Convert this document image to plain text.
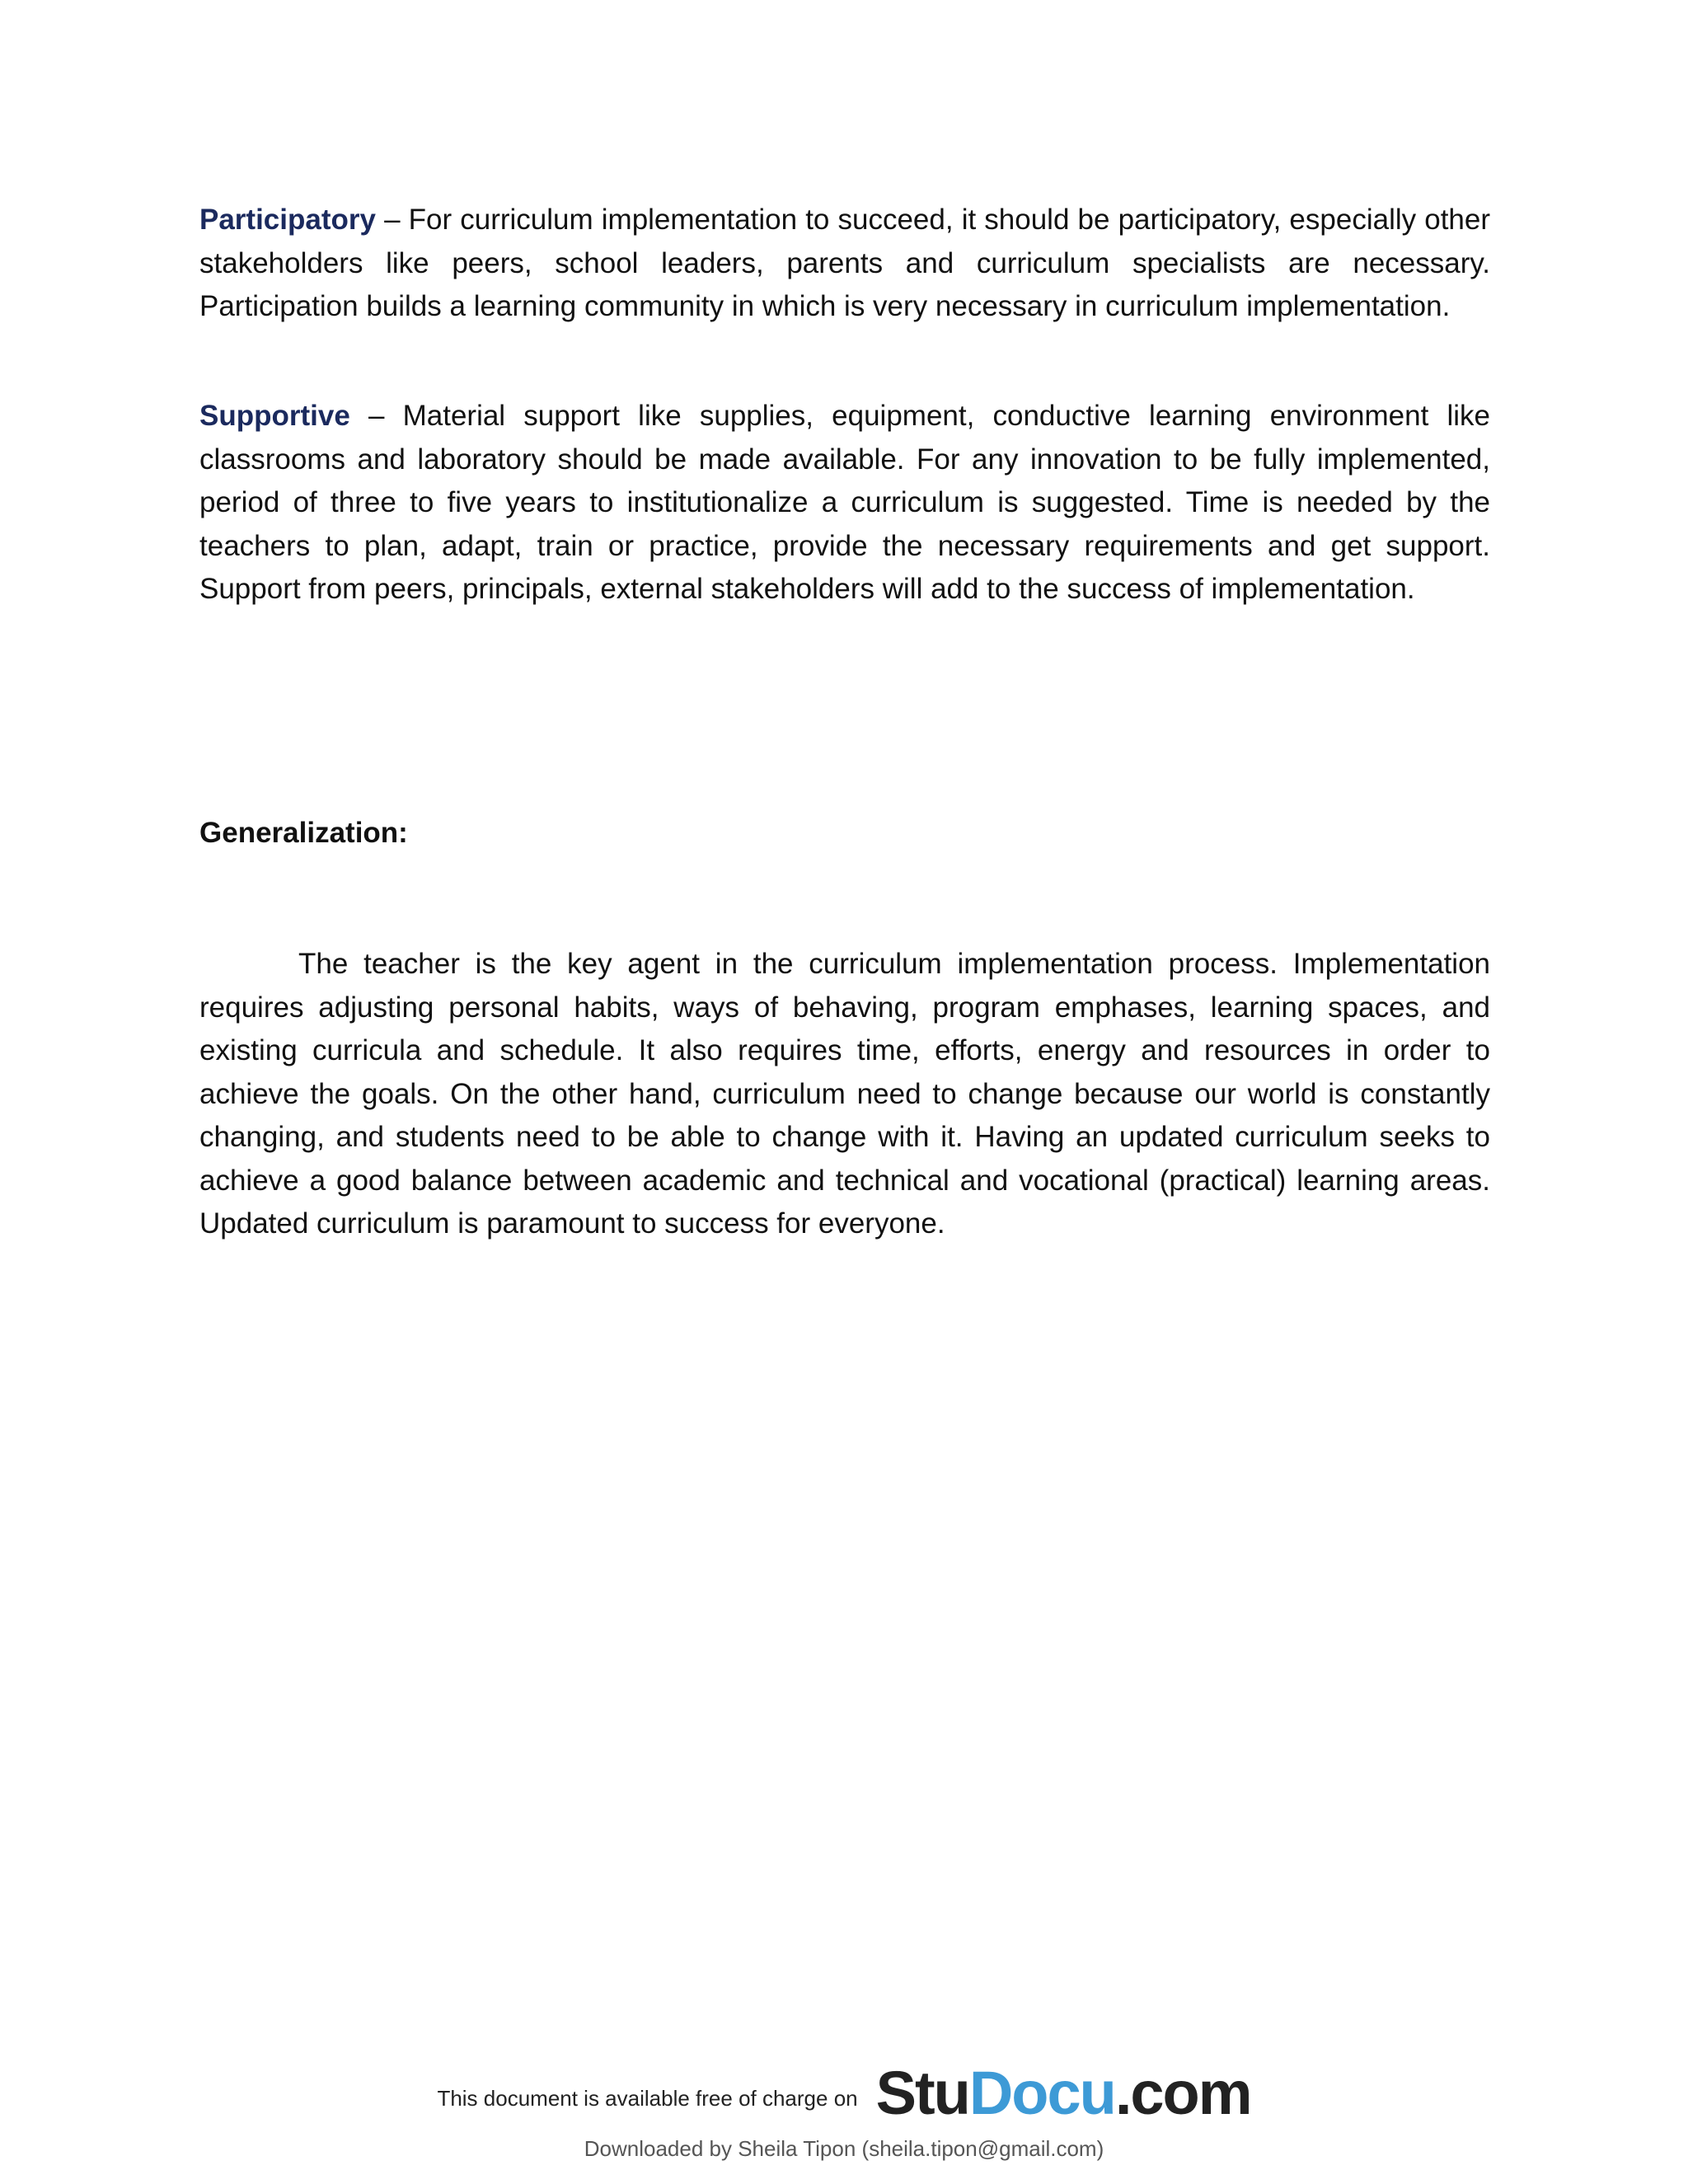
Participatory – For curriculum implementation to succeed, it should be participatory, especially other stakeholders like peers, school leaders, parents and curriculum specialists are necessary. Participation builds a learning community in which is very necessary in curriculum implementation.

Supportive – Material support like supplies, equipment, conductive learning environment like classrooms and laboratory should be made available. For any innovation to be fully implemented, period of three to five years to institutionalize a curriculum is suggested. Time is needed by the teachers to plan, adapt, train or practice, provide the necessary requirements and get support. Support from peers, principals, external stakeholders will add to the success of implementation.

Generalization:

The teacher is the key agent in the curriculum implementation process. Implementation requires adjusting personal habits, ways of behaving, program emphases, learning spaces, and existing curricula and schedule. It also requires time, efforts, energy and resources in order to achieve the goals. On the other hand, curriculum need to change because our world is constantly changing, and students need to be able to change with it. Having an updated curriculum seeks to achieve a good balance between academic and technical and vocational (practical) learning areas. Updated curriculum is paramount to success for everyone.

This document is available free of charge on StuDocu.com
Downloaded by Sheila Tipon (sheila.tipon@gmail.com)
